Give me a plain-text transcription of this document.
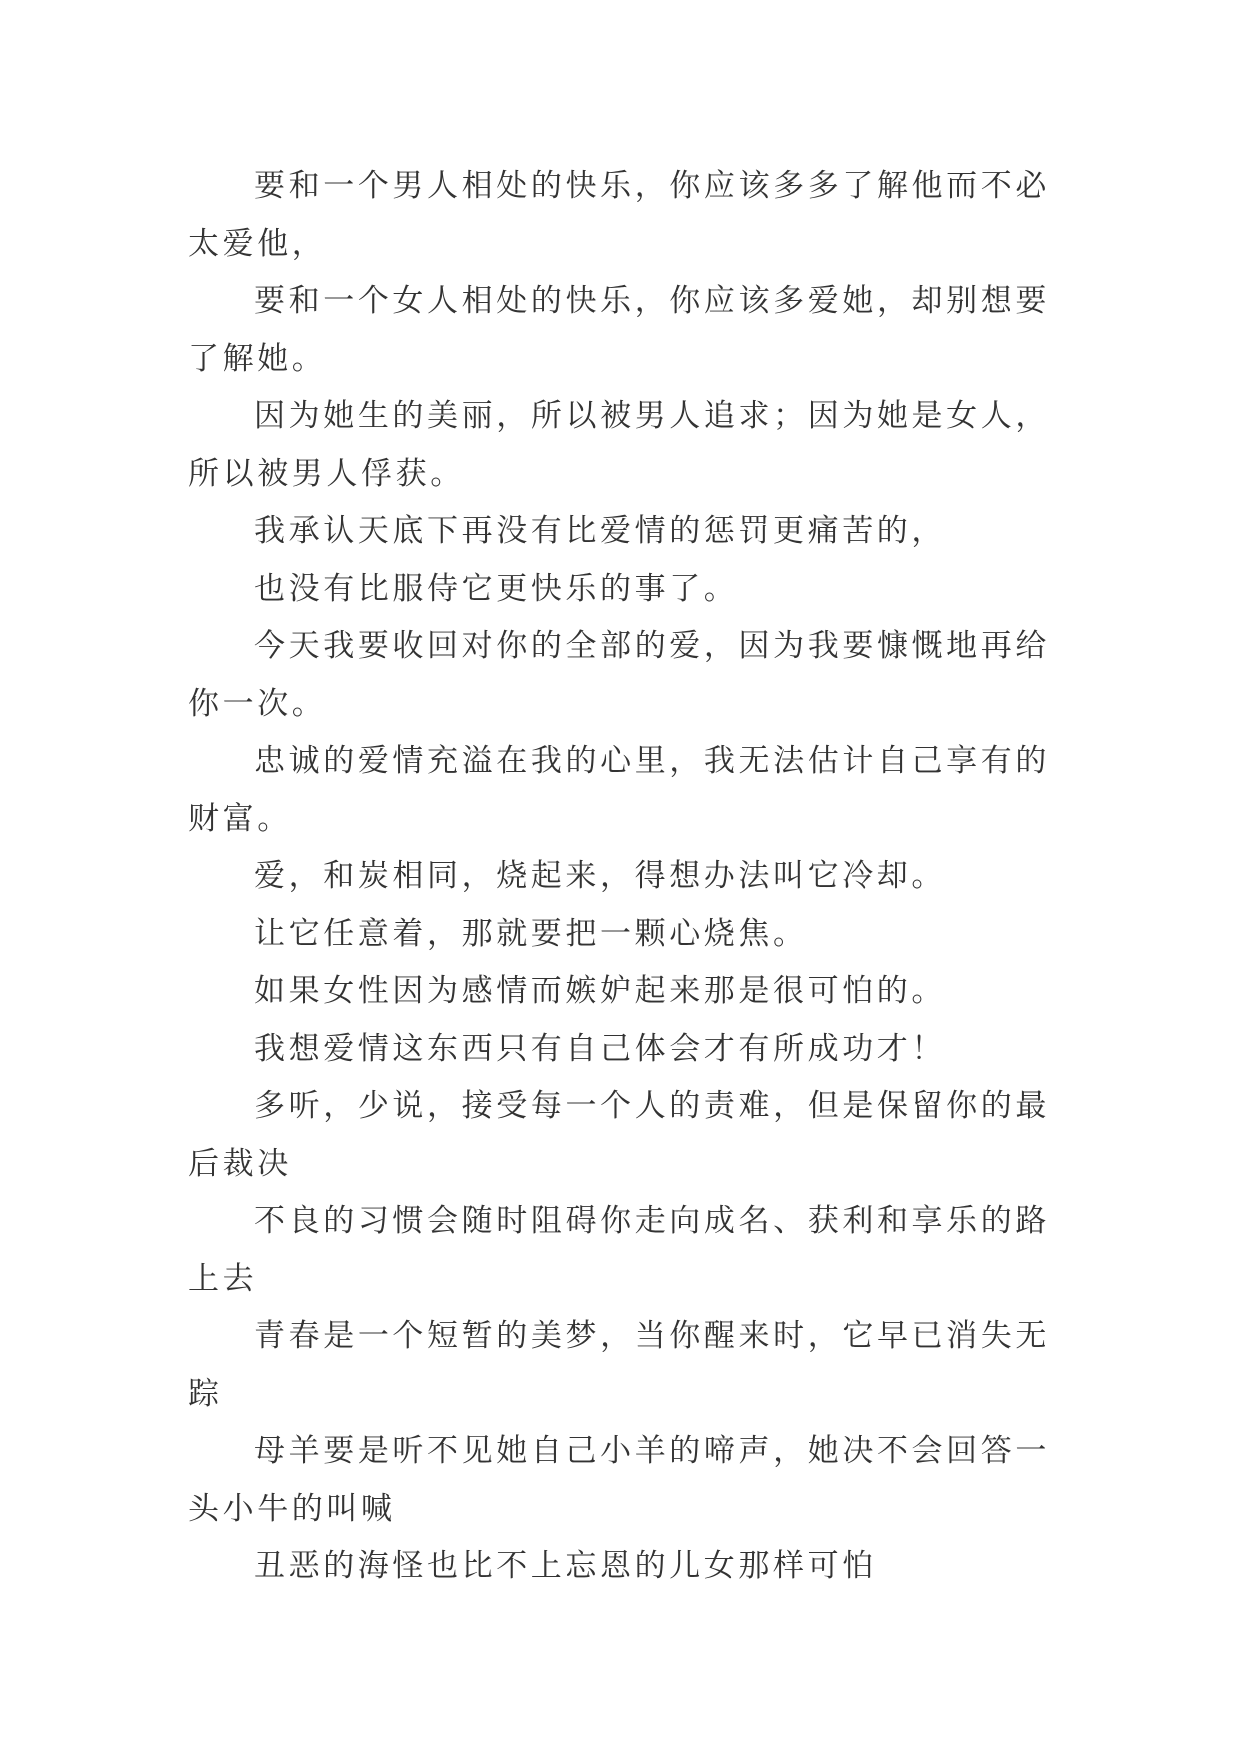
要和一个男人相处的快乐，你应该多多了解他而不必太爱他，

要和一个女人相处的快乐，你应该多爱她，却别想要了解她。

因为她生的美丽，所以被男人追求；因为她是女人，所以被男人俘获。

我承认天底下再没有比爱情的惩罚更痛苦的，

也没有比服侍它更快乐的事了。

今天我要收回对你的全部的爱，因为我要慷慨地再给你一次。

忠诚的爱情充溢在我的心里，我无法估计自己享有的财富。

爱，和炭相同，烧起来，得想办法叫它冷却。

让它任意着，那就要把一颗心烧焦。

如果女性因为感情而嫉妒起来那是很可怕的。

我想爱情这东西只有自己体会才有所成功才！

多听，少说，接受每一个人的责难，但是保留你的最后裁决

不良的习惯会随时阻碍你走向成名、获利和享乐的路上去

青春是一个短暂的美梦，当你醒来时，它早已消失无踪

母羊要是听不见她自己小羊的啼声，她决不会回答一头小牛的叫喊

丑恶的海怪也比不上忘恩的儿女那样可怕
